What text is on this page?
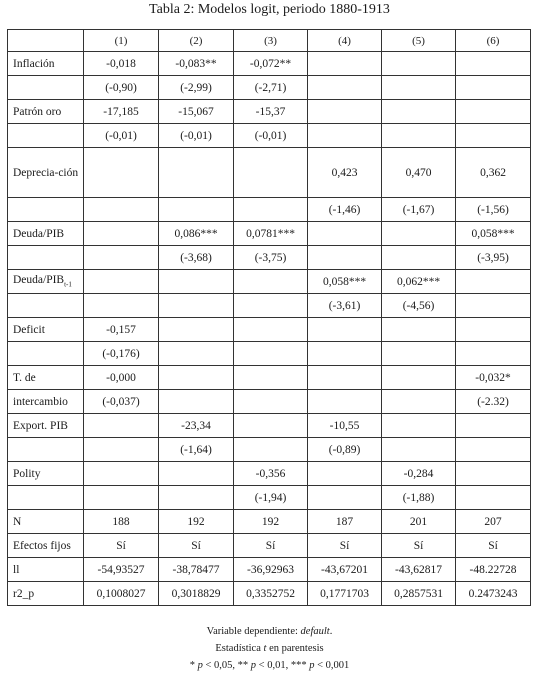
Tabla 2: Modelos logit, periodo 1880-1913
	(1)	(2)	(3)	(4)	(5)	(6)
Inflación	-0,018	-0,083**	-0,072**			
	(-0,90)	(-2,99)	(-2,71)			
Patrón oro	-17,185	-15,067	-15,37			
	(-0,01)	(-0,01)	(-0,01)			
Deprecia-ción				0,423	0,470	0,362
				(-1,46)	(-1,67)	(-1,56)
Deuda/PIB		0,086***	0,0781***			0,058***
		(-3,68)	(-3,75)			(-3,95)
Deuda/$PIB_{t-1}$				0,058***	0,062***	
				(-3,61)	(-4,56)	
Deficit	-0,157					
	(-0,176)					
T. de	-0,000					-0,032*
intercambio	(-0,037)					(-2.32)
Export. PIB		-23,34		-10,55		
		(-1,64)		(-0,89)		
Polity			-0,356		-0,284	
			(-1,94)		(-1,88)	
N	188	192	192	187	201	207
Efectos fijos	Sí	Sí	Sí	Sí	Sí	Sí
ll	-54,93527	-38,78477	-36,92963	-43,67201	-43,62817	-48.22728
r2_p	0,1008027	0,3018829	0,3352752	0,1771703	0,2857531	0.2473243
Variable dependiente: default.
Estadística t en parentesis
* p < 0,05, ** p < 0,01, *** p < 0,001
